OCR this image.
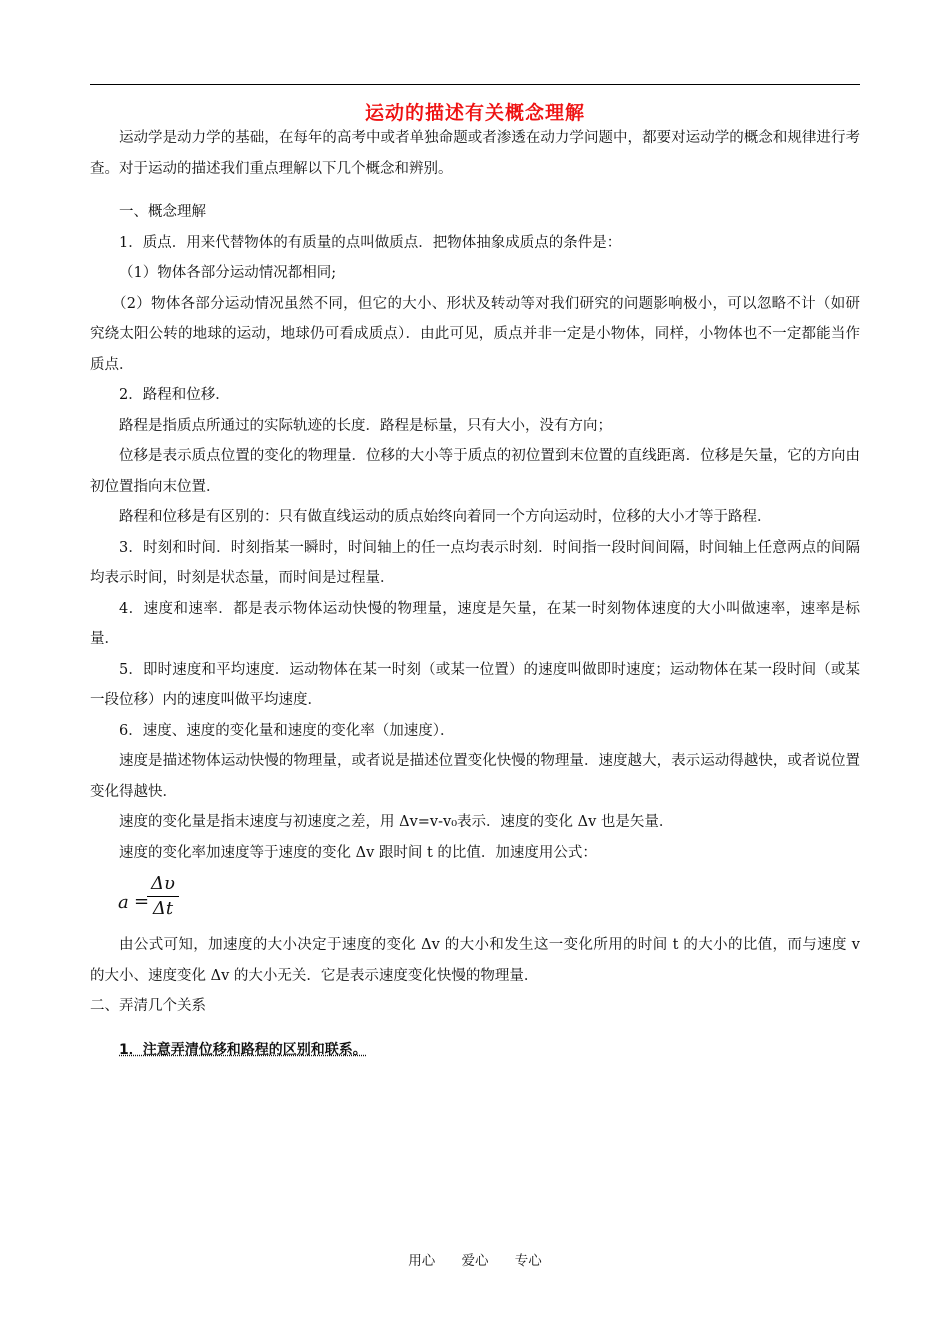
运动的描述有关概念理解

运动学是动力学的基础，在每年的高考中或者单独命题或者渗透在动力学问题中，都要对运动学的概念和规律进行考查。对于运动的描述我们重点理解以下几个概念和辨别。

一、概念理解

1．质点．用来代替物体的有质量的点叫做质点．把物体抽象成质点的条件是：

（1）物体各部分运动情况都相同;

（2）物体各部分运动情况虽然不同，但它的大小、形状及转动等对我们研究的问题影响极小，可以忽略不计（如研究绕太阳公转的地球的运动，地球仍可看成质点）．由此可见，质点并非一定是小物体，同样，小物体也不一定都能当作质点．

2．路程和位移．

路程是指质点所通过的实际轨迹的长度．路程是标量，只有大小，没有方向；

位移是表示质点位置的变化的物理量．位移的大小等于质点的初位置到末位置的直线距离．位移是矢量，它的方向由初位置指向末位置．

路程和位移是有区别的：只有做直线运动的质点始终向着同一个方向运动时，位移的大小才等于路程．

3．时刻和时间．时刻指某一瞬时，时间轴上的任一点均表示时刻．时间指一段时间间隔，时间轴上任意两点的间隔均表示时间，时刻是状态量，而时间是过程量．

4．速度和速率．都是表示物体运动快慢的物理量，速度是矢量，在某一时刻物体速度的大小叫做速率，速率是标量．

5．即时速度和平均速度．运动物体在某一时刻（或某一位置）的速度叫做即时速度；运动物体在某一段时间（或某一段位移）内的速度叫做平均速度．

6．速度、速度的变化量和速度的变化率（加速度）．

速度是描述物体运动快慢的物理量，或者说是描述位置变化快慢的物理量．速度越大，表示运动得越快，或者说位置变化得越快．

速度的变化量是指末速度与初速度之差，用 Δv=v-v₀表示．速度的变化 Δv 也是矢量．

速度的变化率加速度等于速度的变化 Δv 跟时间 t 的比值．加速度用公式：

a =
Δυ
Δt

由公式可知，加速度的大小决定于速度的变化 Δv 的大小和发生这一变化所用的时间 t 的大小的比值，而与速度 v 的大小、速度变化 Δv 的大小无关．它是表示速度变化快慢的物理量．

二、弄清几个关系

1．注意弄清位移和路程的区别和联系。

用心 爱心 专心
